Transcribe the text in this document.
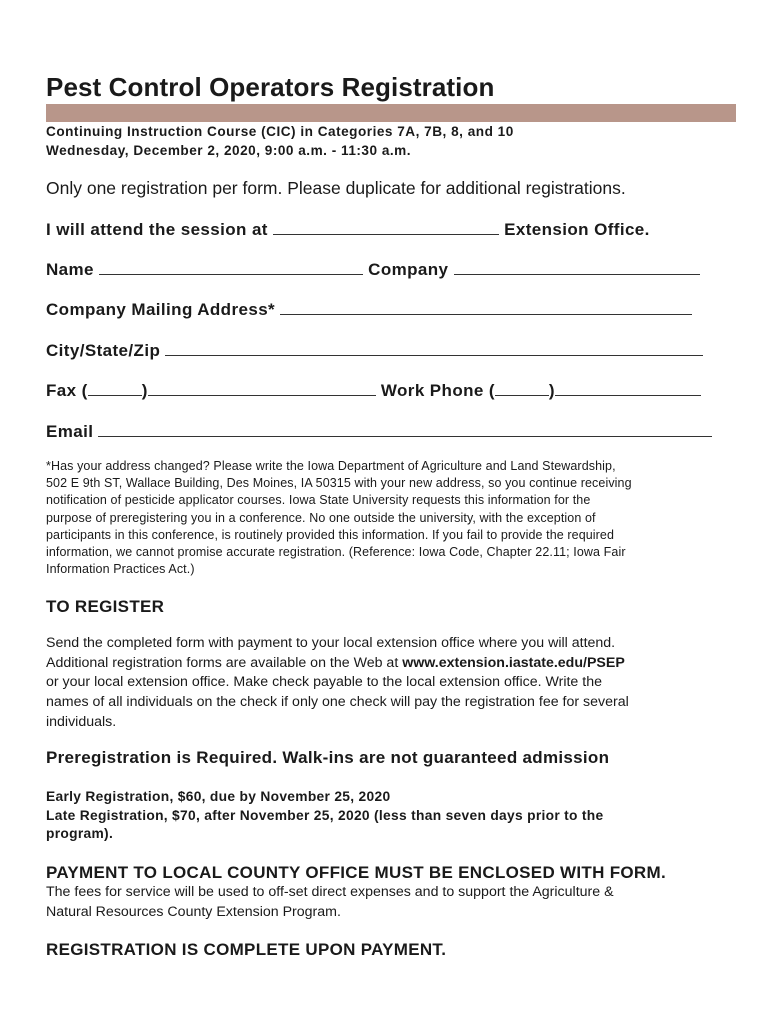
Pest Control Operators Registration
Continuing Instruction Course (CIC) in Categories 7A, 7B, 8, and 10
Wednesday, December 2, 2020, 9:00 a.m. - 11:30 a.m.
Only one registration per form. Please duplicate for additional registrations.
I will attend the session at	Extension Office.
Name	Company
Company Mailing Address*
City/State/Zip
Fax (	)	Work Phone (	)
Email
*Has your address changed? Please write the Iowa Department of Agriculture and Land Stewardship,
502 E 9th ST, Wallace Building, Des Moines, IA 50315 with your new address, so you continue receiving
notification of pesticide applicator courses. Iowa State University requests this information for the
purpose of preregistering you in a conference. No one outside the university, with the exception of
participants in this conference, is routinely provided this information. If you fail to provide the required
information, we cannot promise accurate registration. (Reference: Iowa Code, Chapter 22.11; Iowa Fair
Information Practices Act.)
TO REGISTER
Send the completed form with payment to your local extension office where you will attend.
Additional registration forms are available on the Web at www.extension.iastate.edu/PSEP
or your local extension office. Make check payable to the local extension office. Write the
names of all individuals on the check if only one check will pay the registration fee for several
individuals.
Preregistration is Required. Walk-ins are not guaranteed admission
Early Registration, $60, due by November 25, 2020
Late Registration, $70, after November 25, 2020 (less than seven days prior to the
program).
PAYMENT TO LOCAL COUNTY OFFICE MUST BE ENCLOSED WITH FORM.
The fees for service will be used to off-set direct expenses and to support the Agriculture &
Natural Resources County Extension Program.
REGISTRATION IS COMPLETE UPON PAYMENT.
